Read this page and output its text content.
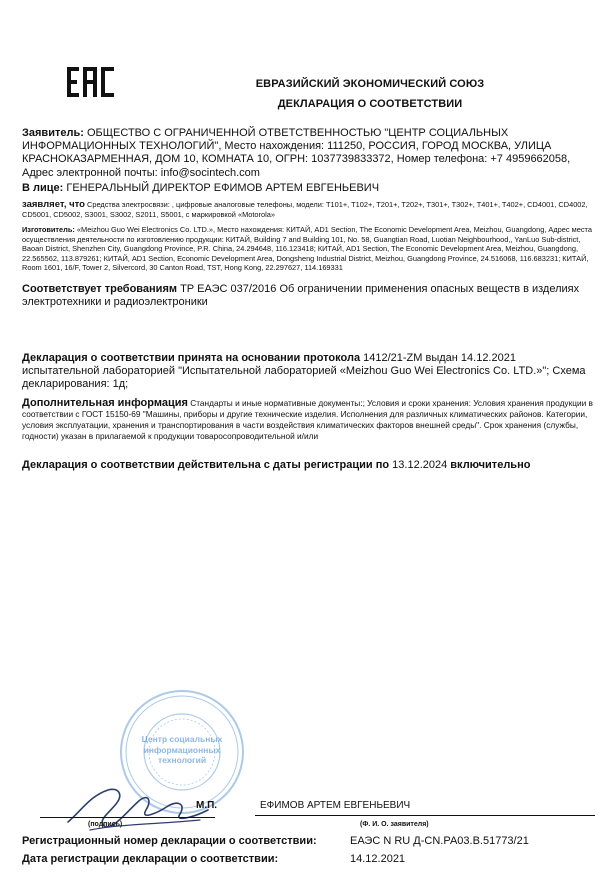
ЕВРАЗИЙСКИЙ ЭКОНОМИЧЕСКИЙ СОЮЗ
ДЕКЛАРАЦИЯ О СООТВЕТСТВИИ
Заявитель: ОБЩЕСТВО С ОГРАНИЧЕННОЙ ОТВЕТСТВЕННОСТЬЮ "ЦЕНТР СОЦИАЛЬНЫХ ИНФОРМАЦИОННЫХ ТЕХНОЛОГИЙ", Место нахождения: 111250, РОССИЯ, ГОРОД МОСКВА, УЛИЦА КРАСНОКАЗАРМЕННАЯ, ДОМ 10, КОМНАТА 10, ОГРН: 1037739833372, Номер телефона: +7 4959662058, Адрес электронной почты: info@socintech.com
В лице: ГЕНЕРАЛЬНЫЙ ДИРЕКТОР ЕФИМОВ АРТЕМ ЕВГЕНЬЕВИЧ
заявляет, что Средства электросвязи: , цифровые аналоговые телефоны, модели: T101+, T102+, T201+, T202+, T301+, T302+, T401+, T402+, CD4001, CD4002, CD5001, CD5002, S3001, S3002, S2011, S5001, с маркировкой «Motorola»
Изготовитель: «Meizhou Guo Wei Electronics Co. LTD.», Место нахождения: КИТАЙ, AD1 Section, The Economic Development Area, Meizhou, Guangdong, Адрес места осуществления деятельности по изготовлению продукции: КИТАЙ, Building 7 and Building 101, No. 58, Guangtian Road, Luotian Neighbourhood,, YanLuo Sub-district, Baoan District, Shenzhen City, Guangdong Province, P.R. China, 24.294648, 116.123418; КИТАЙ, AD1 Section, The Economic Development Area, Meizhou, Guangdong, 22.565562, 113.879261; КИТАЙ, AD1 Section, Economic Development Area, Dongsheng Industrial District, Meizhou, Guangdong Province, 24.516068, 116.683231; КИТАЙ, Room 1601, 16/F, Tower 2, Silvercord, 30 Canton Road, TST, Hong Kong, 22.297627, 114.169331
Соответствует требованиям ТР ЕАЭС 037/2016 Об ограничении применения опасных веществ в изделиях электротехники и радиоэлектроники
Декларация о соответствии принята на основании протокола 1412/21-ZM выдан 14.12.2021 испытательной лабораторией "Испытательной лабораторией «Meizhou Guo Wei Electronics Co. LTD.»"; Схема декларирования: 1д;
Дополнительная информация Стандарты и иные нормативные документы:; Условия и сроки хранения: Условия хранения продукции в соответствии с ГОСТ 15150-69 "Машины, приборы и другие технические изделия. Исполнения для различных климатических районов. Категории, условия эксплуатации, хранения и транспортирования в части воздействия климатических факторов внешней среды". Срок хранения (службы, годности) указан в прилагаемой к продукции товаросопроводительной и/или
Декларация о соответствии действительна с даты регистрации по 13.12.2024 включительно
Центр социальных
информационных
технологий
М.П.	ЕФИМОВ АРТЕМ ЕВГЕНЬЕВИЧ
(подпись)	(Ф. И. О. заявителя)
Регистрационный номер декларации о соответствии:	ЕАЭС N RU Д-CN.РА03.В.51773/21
Дата регистрации декларации о соответствии:	14.12.2021
